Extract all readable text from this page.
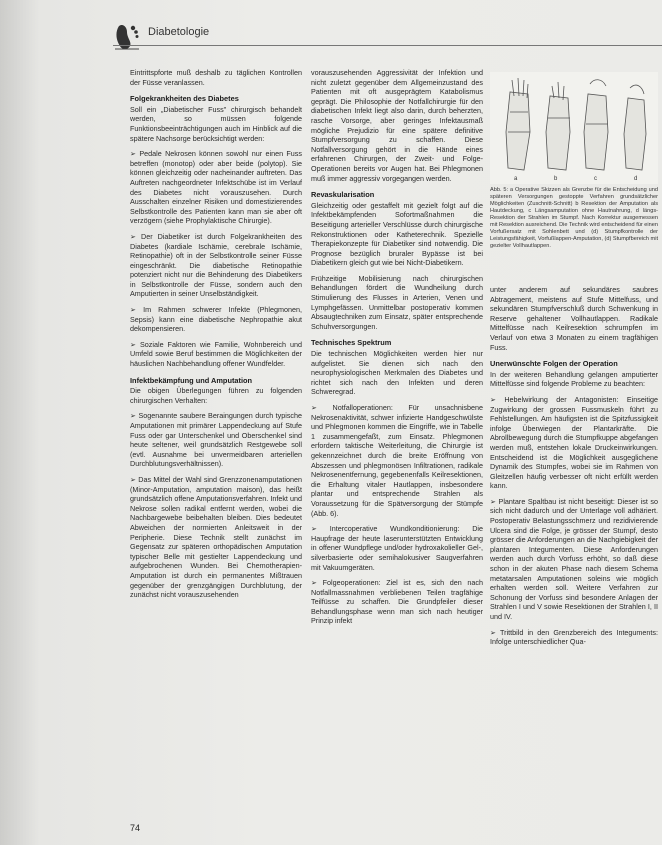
Diabetologie

Eintrittspforte muß deshalb zu täglichen Kontrollen der Füsse veranlassen.

Folgekrankheiten des Diabetes

Soll ein „Diabetischer Fuss" chirurgisch behandelt werden, so müssen folgende Funktionsbeeinträchtigungen auch im Hinblick auf die spätere Nachsorge berücksichtigt werden:

➢ Pedale Nekrosen können sowohl nur einen Fuss betreffen (monotop) oder aber beide (polytop). Sie können gleichzeitig oder nacheinander auftreten. Das Auftreten nachgeordneter Infektschübe ist im Verlauf des Diabetes nicht vorauszusehen. Durch Ausschalten einzelner Risiken und domestizierendes Selbstkontrolle des Patienten kann man sie aber oft verzögern (siehe Prophylaktische Chirurgie).

➢ Der Diabetiker ist durch Folgekrankheiten des Diabetes (kardiale Ischämie, cerebrale Ischämie, Retinopathie) oft in der Selbstkontrolle seiner Füsse eingeschränkt. Die diabetische Retinopathie potenziert nicht nur die Behinderung des Diabetikers in Selbstkontrolle der Füsse, sondern auch den Amputierten in seiner Unselbständigkeit.

➢ Im Rahmen schwerer Infekte (Phlegmonen, Sepsis) kann eine diabetische Nephropathie akut dekompensieren.

➢ Soziale Faktoren wie Familie, Wohnbereich und Umfeld sowie Beruf bestimmen die Möglichkeiten der häuslichen Nachbehandlung offener Wundfelder.

Infektbekämpfung und Amputation

Die obigen Überlegungen führen zu folgenden chirurgischen Verhalten:

➢ Sogenannte saubere Beraingungen durch typische Amputationen mit primärer Lappendeckung auf Stufe Fuss oder gar Unterschenkel und Oberschenkel sind heute seltener, weil grundsätzlich Restgewebe soll (evtl. Ausnahme bei unvermeidbaren arteriellen Durchblutungsverhältnissen).

➢ Das Mittel der Wahl sind Grenzzonenamputationen (Minor-Amputation, amputation maison), das heißt grundsätzlich offene Amputationsverfahren. Infekt und Nekrose sollen radikal entfernt werden, wobei die Nachbargewebe beibehalten bleiben. Dies bedeutet Abweichen der normierten Anleitsweit in der Peripherie. Diese Technik stellt zunächst im Gegensatz zur späteren orthopädischen Amputation typischer Belle mit gestielter Lappendeckung und aufgebrochenen Wunden. Bei Chemotherapien-Amputation ist durch ein permanentes Mißtrauen gegenüber der grenzgängigen Durchblutung, der zunächst nicht vorauszusehenden

vorauszusehenden Aggressivität der Infektion und nicht zuletzt gegenüber dem Allgemeinzustand des Patienten mit oft ausgeprägtem Katabolismus geprägt. Die Philosophie der Notfallchirurgie für den diabetischen Infekt liegt also darin, durch beherzten, rasche Vorsorge, aber geringes Infektausmaß mögliche Prejudizio für eine spätere definitive Stumpfversorgung zu schaffen. Diese Notfallversorgung gehört in die Hände eines erfahrenen Chirurgen, der Zweit- und Folge-Operationen bereits vor Augen hat. Bei Phlegmonen muß immer aggressiv vorgegangen werden.

Revaskularisation

Gleichzeitig oder gestaffelt mit gezielt folgt auf die Infektbekämpfenden Sofortmaßnahmen die Beseitigung arterieller Verschlüsse durch chirurgische Rekonstruktionen oder Katheterechnik. Spezielle Therapiekonzepte für Diabetiker sind notwendig. Die Prognose bezüglich bruraler Bypässe ist bei Diabetikern gleich gut wie bei Nicht-Diabetikern.

Frühzeitige Mobilisierung nach chirurgischen Behandlungen fördert die Wundheilung durch Stimulierung des Flusses in Arterien, Venen und Lymphgefässen. Unmittelbar postoperativ kommen Absaugtechniken zum Einsatz, später entsprechende Schuhversorgungen.

Technisches Spektrum

Die technischen Möglichkeiten werden hier nur aufgelistet. Sie dienen sich nach den neurophysiologischen Merkmalen des Diabetes und richtet sich nach den Infekten und deren Schweregrad.

➢ Notfalloperationen: Für unsachnisbene Nekrosenaktivität, schwer infizierte Handgeschwülste und Phlegmonen kommen die Eingriffe, wie in Tabelle 1 zusammengefaßt, zum Einsatz. Phlegmonen erfordern taktische Weiterleitung, die Chirurgie ist gekennzeichnet durch die breite Eröffnung von Abszessen und phlegmonösen Infiltrationen, radikale Nekrosenentfernung, gegebenenfalls Keilresektionen, die Erhaltung vitaler Hautlappen, insbesondere plantar und entsprechende Strahlen als Voraussetzung für die Spätversorgung der Stümpfe (Abb. 6).

➢ Intercoperative Wundkonditionierung: Die Haupfrage der heute laserunterstützten Entwicklung in offener Wundpflege und/oder hydroxakolieller Gel-, silverbasierte oder semihalokusiver Saugverfahren mit Vakuumgeräten.

➢ Folgeoperationen: Ziel ist es, sich den nach Notfallmassnahmen verbliebenen Teilen tragfähige Teilfüsse zu schaffen. Die Grundpfeiler dieser Behandlungsphase wenn man sich nach heutiger Prinzip infekt

a	b	c	d
Abb. 5: a Operative Skizzen als Grenzbe für die Entscheidung und späteren Versorgungen gestoppte Verfahren grundsätzlicher Möglichkeiten (Zuschnitt-Schnitt) b Resektion der Amputation als Hautdeckung, c Längsamputation ohne Hautnahrung, d längs-Resektion der Strahlen im Stumpf. Nach Korrektur ausgemessen mit Resektion ausreichend. Die Technik wird entscheidend für einen Vorfußersatz mit Sohlenbett und (d) Stumpfkontrolle der Leistungsfähigkeit, Vorfußlappen-Amputation, (d) Stumpfbereich mit gezielter Vollhautlappen.

unter anderem auf sekundäres saubres Abtragement, meistens auf Stufe Mittelfuss, und sekundären Stumpfverschluß durch Schwenkung in Reserve gehaltener Vollhautlappen. Radikale Mittelfüsse nach Keilresektion schrumpfen im Verlauf von etwa 3 Monaten zu einem tragfähigen Fuss.

Unerwünschte Folgen der Operation

In der weiteren Behandlung gelangen amputierter Mittelfüsse sind folgende Probleme zu beachten:

➢ Hebelwirkung der Antagonisten: Einseitige Zugwirkung der grossen Fussmuskeln führt zu Fehlstellungen. Am häufigsten ist die Spitzfussigkeit infolge Überwiegen der Plantarkräfte. Die Abrollbewegung durch die Stumpfkuppe abgefangen werden muß, entstehen lokale Druckeinwirkungen. Entscheidend ist die Möglichkeit ausgeglichene Dynamik des Stumpfes, wobei sie im Rahmen von Gleitzellen häufig verbesser oft nicht erfüllt werden kann.

➢ Plantare Spaltbau ist nicht beseitigt: Dieser ist so sich nicht dadurch und der Unterlage voll adhäriert. Postoperativ Belastungsschmerz und rezidivierende Ulcera sind die Folge, je grösser der Stumpf, desto grösser die Anforderungen an die Nachgiebigkeit der plantaren Integumenten. Diese Anforderungen werden auch durch Vorfuss erhöht, so daß diese schon in der akuten Phase nach diesem Schema metatarsalen Amputationen soleins wie möglich erhalten werden soll. Weitere Verfahren zur Schonung der Vorfuss sind besondere Anlagen der Strahlen I und V sowie Resektionen der Strahlen I, II und IV.

➢ Trittbild in den Grenzbereich des Integuments: Infolge unterschiedlicher Qua-

74
